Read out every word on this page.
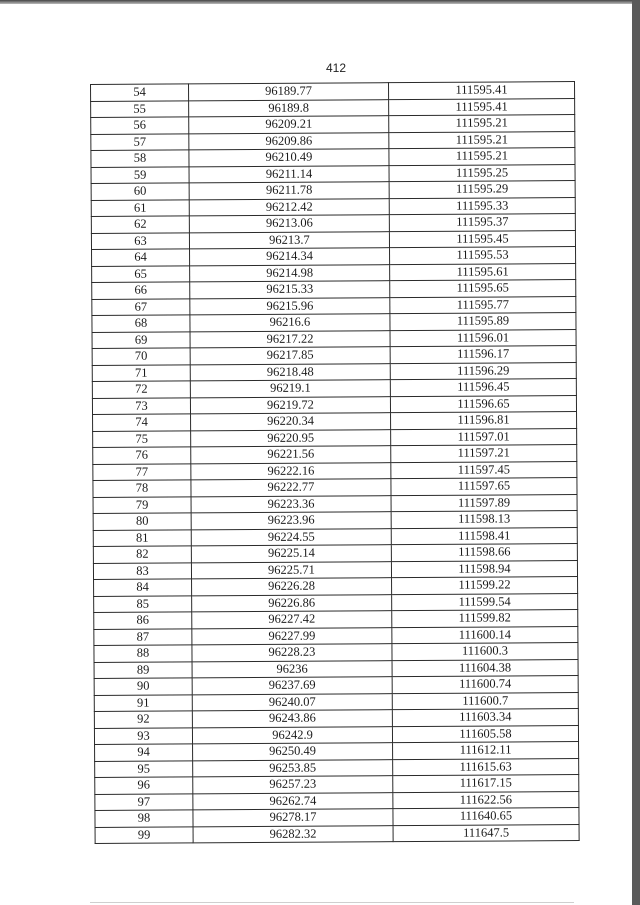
412
54	96189.77	111595.41
55	96189.8	111595.41
56	96209.21	111595.21
57	96209.86	111595.21
58	96210.49	111595.21
59	96211.14	111595.25
60	96211.78	111595.29
61	96212.42	111595.33
62	96213.06	111595.37
63	96213.7	111595.45
64	96214.34	111595.53
65	96214.98	111595.61
66	96215.33	111595.65
67	96215.96	111595.77
68	96216.6	111595.89
69	96217.22	111596.01
70	96217.85	111596.17
71	96218.48	111596.29
72	96219.1	111596.45
73	96219.72	111596.65
74	96220.34	111596.81
75	96220.95	111597.01
76	96221.56	111597.21
77	96222.16	111597.45
78	96222.77	111597.65
79	96223.36	111597.89
80	96223.96	111598.13
81	96224.55	111598.41
82	96225.14	111598.66
83	96225.71	111598.94
84	96226.28	111599.22
85	96226.86	111599.54
86	96227.42	111599.82
87	96227.99	111600.14
88	96228.23	111600.3
89	96236	111604.38
90	96237.69	111600.74
91	96240.07	111600.7
92	96243.86	111603.34
93	96242.9	111605.58
94	96250.49	111612.11
95	96253.85	111615.63
96	96257.23	111617.15
97	96262.74	111622.56
98	96278.17	111640.65
99	96282.32	111647.5
